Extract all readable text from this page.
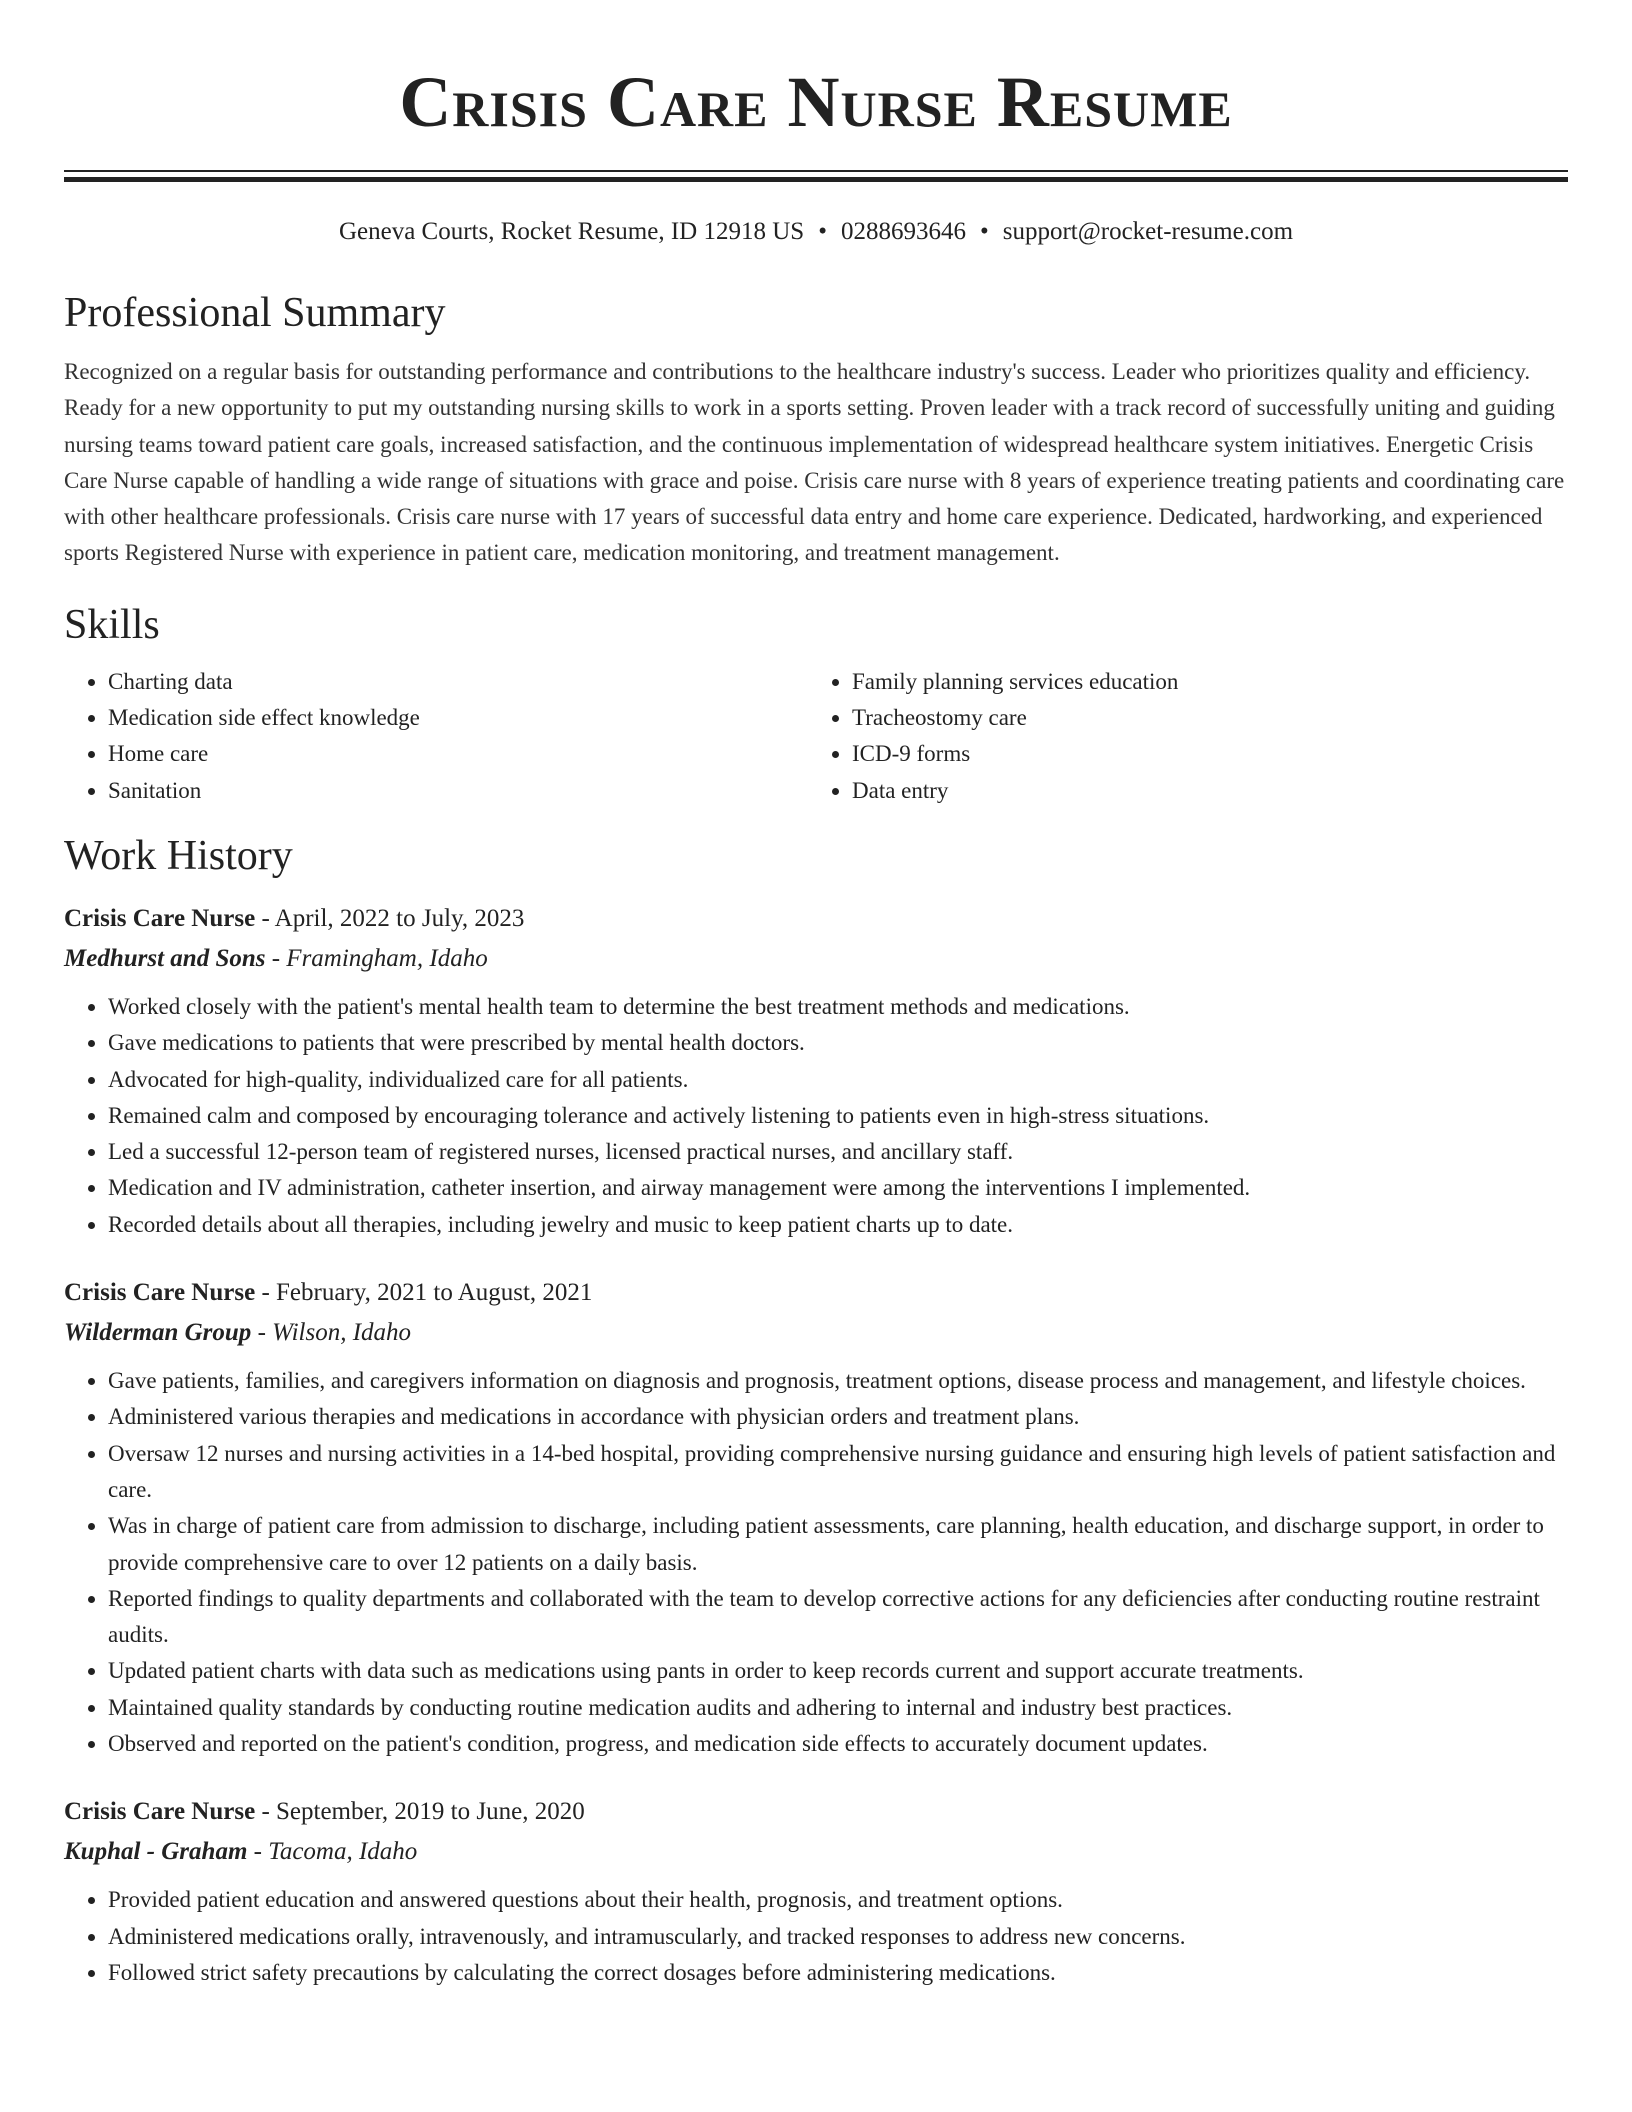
Crisis Care Nurse Resume
Geneva Courts, Rocket Resume, ID 12918 US • 0288693646 • support@rocket-resume.com
Professional Summary

Recognized on a regular basis for outstanding performance and contributions to the healthcare industry's success. Leader who prioritizes quality and efficiency. Ready for a new opportunity to put my outstanding nursing skills to work in a sports setting. Proven leader with a track record of successfully uniting and guiding nursing teams toward patient care goals, increased satisfaction, and the continuous implementation of widespread healthcare system initiatives. Energetic Crisis Care Nurse capable of handling a wide range of situations with grace and poise. Crisis care nurse with 8 years of experience treating patients and coordinating care with other healthcare professionals. Crisis care nurse with 17 years of successful data entry and home care experience. Dedicated, hardworking, and experienced sports Registered Nurse with experience in patient care, medication monitoring, and treatment management.

Skills
• Charting data
• Medication side effect knowledge
• Home care
• Sanitation
• Family planning services education
• Tracheostomy care
• ICD-9 forms
• Data entry
Work History
Crisis Care Nurse - April, 2022 to July, 2023
Medhurst and Sons - Framingham, Idaho
• Worked closely with the patient's mental health team to determine the best treatment methods and medications.
• Gave medications to patients that were prescribed by mental health doctors.
• Advocated for high-quality, individualized care for all patients.
• Remained calm and composed by encouraging tolerance and actively listening to patients even in high-stress situations.
• Led a successful 12-person team of registered nurses, licensed practical nurses, and ancillary staff.
• Medication and IV administration, catheter insertion, and airway management were among the interventions I implemented.
• Recorded details about all therapies, including jewelry and music to keep patient charts up to date.
Crisis Care Nurse - February, 2021 to August, 2021
Wilderman Group - Wilson, Idaho
• Gave patients, families, and caregivers information on diagnosis and prognosis, treatment options, disease process and management, and lifestyle choices.
• Administered various therapies and medications in accordance with physician orders and treatment plans.
• Oversaw 12 nurses and nursing activities in a 14-bed hospital, providing comprehensive nursing guidance and ensuring high levels of patient satisfaction and care.
• Was in charge of patient care from admission to discharge, including patient assessments, care planning, health education, and discharge support, in order to provide comprehensive care to over 12 patients on a daily basis.
• Reported findings to quality departments and collaborated with the team to develop corrective actions for any deficiencies after conducting routine restraint audits.
• Updated patient charts with data such as medications using pants in order to keep records current and support accurate treatments.
• Maintained quality standards by conducting routine medication audits and adhering to internal and industry best practices.
• Observed and reported on the patient's condition, progress, and medication side effects to accurately document updates.
Crisis Care Nurse - September, 2019 to June, 2020
Kuphal - Graham - Tacoma, Idaho
• Provided patient education and answered questions about their health, prognosis, and treatment options.
• Administered medications orally, intravenously, and intramuscularly, and tracked responses to address new concerns.
• Followed strict safety precautions by calculating the correct dosages before administering medications.
